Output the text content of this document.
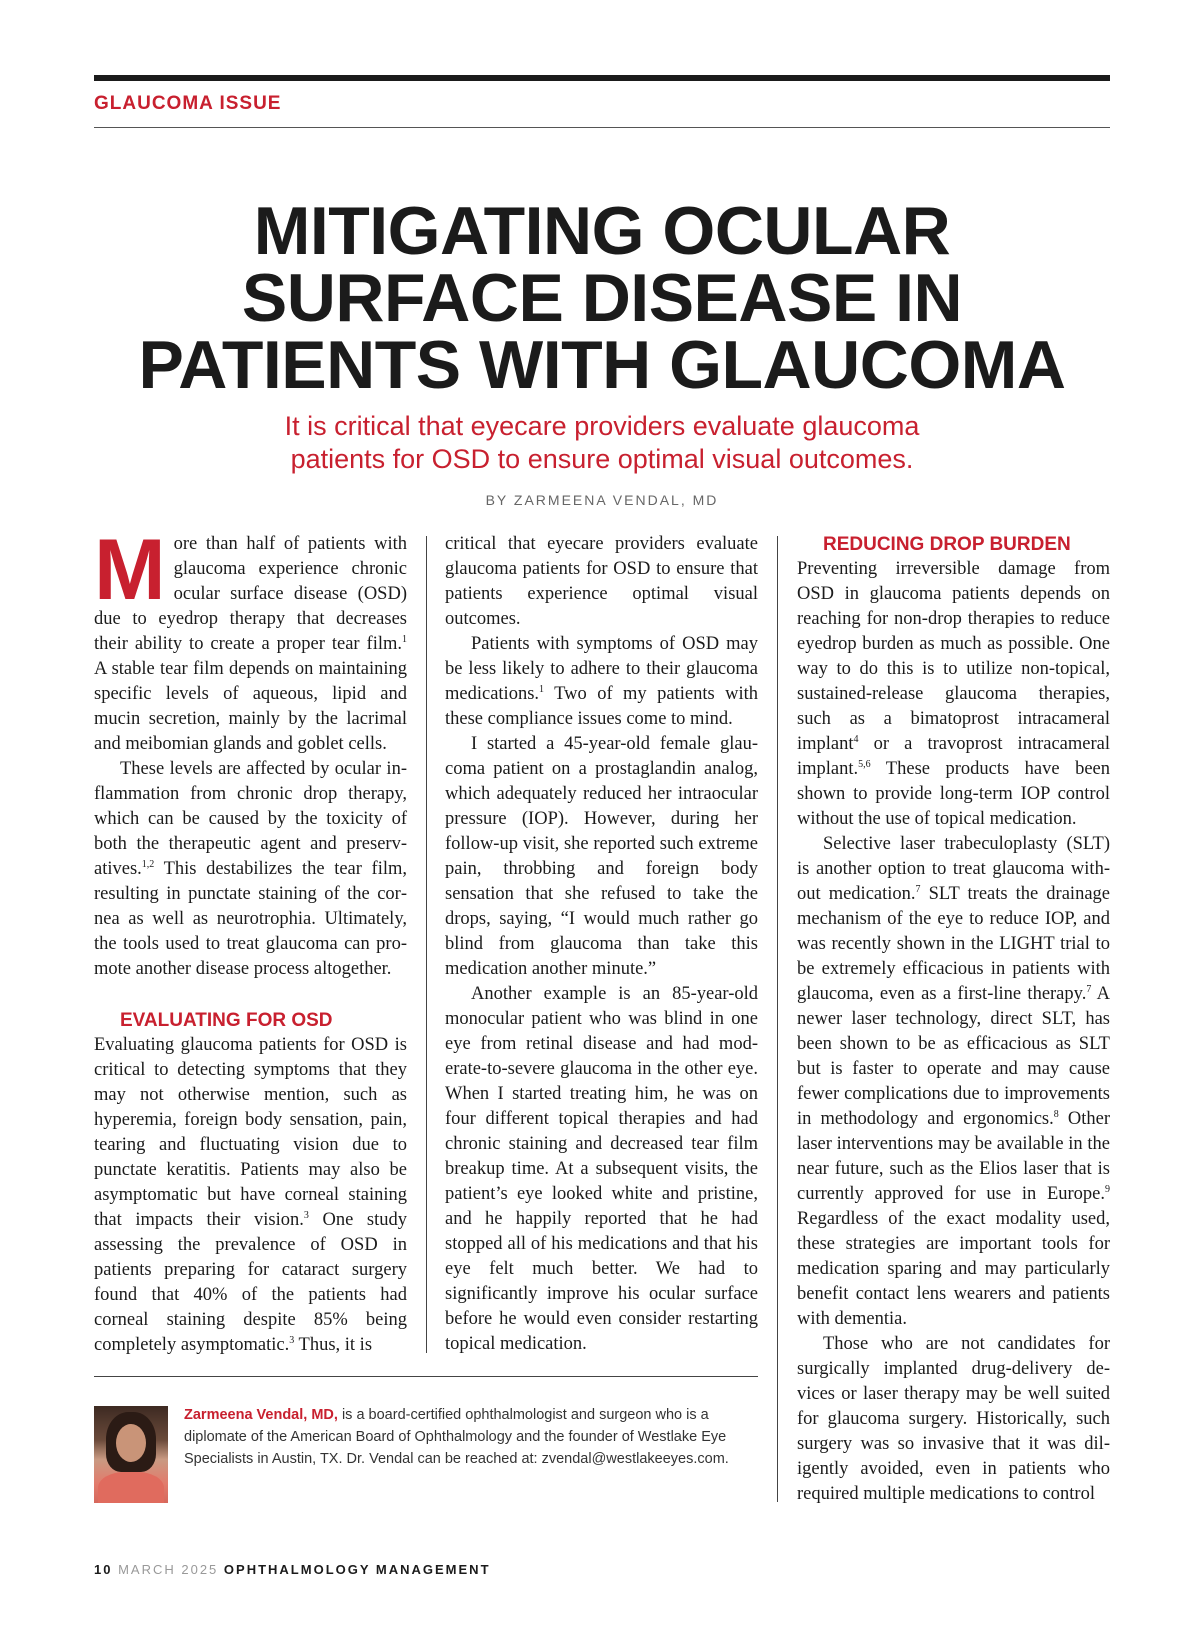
GLAUCOMA ISSUE
MITIGATING OCULAR
SURFACE DISEASE IN
PATIENTS WITH GLAUCOMA
It is critical that eyecare providers evaluate glaucoma
patients for OSD to ensure optimal visual outcomes.
BY ZARMEENA VENDAL, MD

More than half of patients with glaucoma experience chronic ocular surface disease (OSD) due to eyedrop therapy that decreases their ability to create a proper tear film.$^1$ A stable tear film depends on maintaining specific levels of aqueous, lipid and mucin secretion, mainly by the lacrimal and meibomian glands and goblet cells.

These levels are affected by ocular inflammation from chronic drop therapy, which can be caused by the toxicity of both the therapeutic agent and preservatives.$^{1,2}$ This destabilizes the tear film, resulting in punctate staining of the cornea as well as neurotrophia. Ultimately, the tools used to treat glaucoma can promote another disease process altogether.

EVALUATING FOR OSD

Evaluating glaucoma patients for OSD is critical to detecting symptoms that they may not otherwise mention, such as hyperemia, foreign body sensation, pain, tearing and fluctuating vision due to punctate keratitis. Patients may also be asymptomatic but have corneal staining that impacts their vision.$^3$ One study assessing the prevalence of OSD in patients preparing for cataract surgery found that 40% of the patients had corneal staining despite 85% being completely asymptomatic.$^3$ Thus, it is

critical that eyecare providers evaluate glaucoma patients for OSD to ensure that patients experience optimal visual outcomes.

Patients with symptoms of OSD may be less likely to adhere to their glaucoma medications.$^1$ Two of my patients with these compliance issues come to mind.

I started a 45-year-old female glaucoma patient on a prostaglandin analog, which adequately reduced her intraocular pressure (IOP). However, during her follow-up visit, she reported such extreme pain, throbbing and foreign body sensation that she refused to take the drops, saying, “I would much rather go blind from glaucoma than take this medication another minute.”

Another example is an 85-year-old monocular patient who was blind in one eye from retinal disease and had moderate-to-severe glaucoma in the other eye. When I started treating him, he was on four different topical therapies and had chronic staining and decreased tear film breakup time. At a subsequent visits, the patient’s eye looked white and pristine, and he happily reported that he had stopped all of his medications and that his eye felt much better. We had to significantly improve his ocular surface before he would even consider restarting topical medication.

REDUCING DROP BURDEN

Preventing irreversible damage from OSD in glaucoma patients depends on reaching for non-drop therapies to reduce eyedrop burden as much as possible. One way to do this is to utilize non-topical, sustained-release glaucoma therapies, such as a bimatoprost intracameral implant$^4$ or a travoprost intracameral implant.$^{5,6}$ These products have been shown to provide long-term IOP control without the use of topical medication.

Selective laser trabeculoplasty (SLT) is another option to treat glaucoma without medication.$^7$ SLT treats the drainage mechanism of the eye to reduce IOP, and was recently shown in the LIGHT trial to be extremely efficacious in patients with glaucoma, even as a first-line therapy.$^7$ A newer laser technology, direct SLT, has been shown to be as efficacious as SLT but is faster to operate and may cause fewer complications due to improvements in methodology and ergonomics.$^8$ Other laser interventions may be available in the near future, such as the Elios laser that is currently approved for use in Europe.$^9$ Regardless of the exact modality used, these strategies are important tools for medication sparing and may particularly benefit contact lens wearers and patients with dementia.

Those who are not candidates for surgically implanted drug-delivery devices or laser therapy may be well suited for glaucoma surgery. Historically, such surgery was so invasive that it was diligently avoided, even in patients who required multiple medications to control

Zarmeena Vendal, MD, is a board-certified ophthalmologist and surgeon who is a diplomate of the American Board of Ophthalmology and the founder of Westlake Eye Specialists in Austin, TX. Dr. Vendal can be reached at: zvendal@westlakeeyes.com.
10 MARCH 2025 OPHTHALMOLOGY MANAGEMENT
